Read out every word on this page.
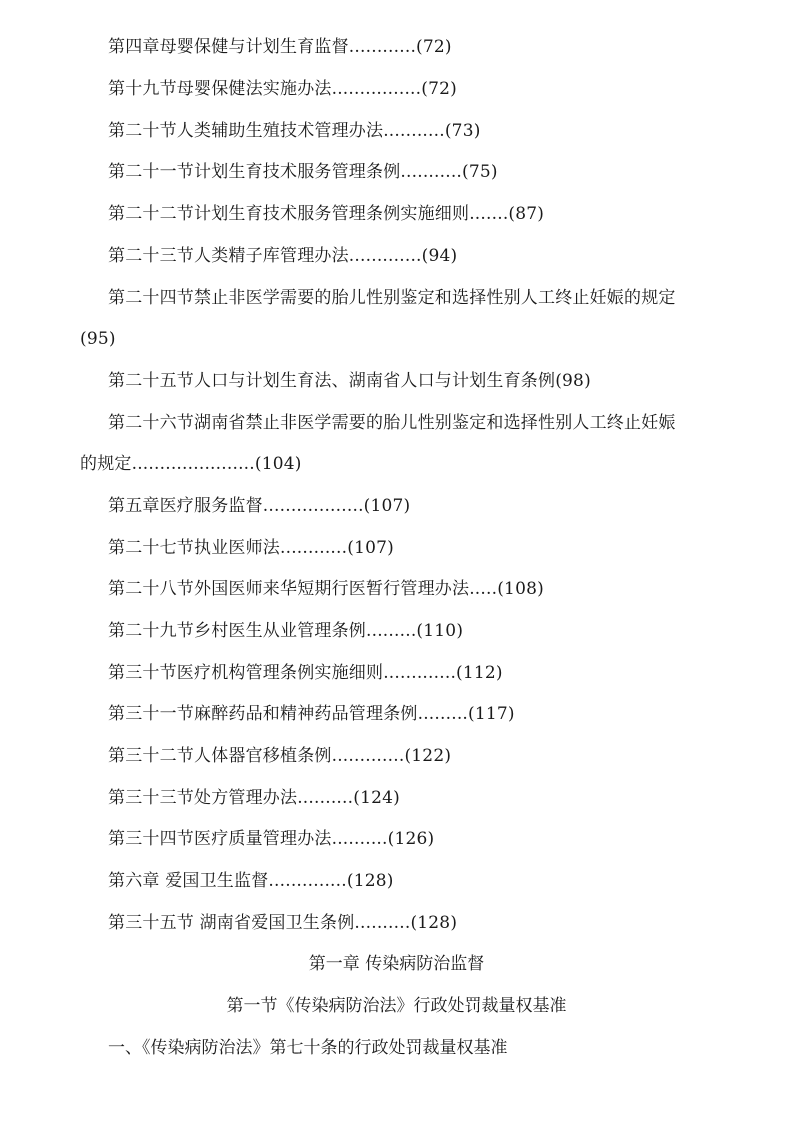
第四章母婴保健与计划生育监督............(72)
第十九节母婴保健法实施办法................(72)
第二十节人类辅助生殖技术管理办法...........(73)
第二十一节计划生育技术服务管理条例...........(75)
第二十二节计划生育技术服务管理条例实施细则.......(87)
第二十三节人类精子库管理办法.............(94)
第二十四节禁止非医学需要的胎儿性别鉴定和选择性别人工终止妊娠的规定
(95)
第二十五节人口与计划生育法、湖南省人口与计划生育条例(98)
第二十六节湖南省禁止非医学需要的胎儿性别鉴定和选择性别人工终止妊娠
的规定......................(104)
第五章医疗服务监督..................(107)
第二十七节执业医师法............(107)
第二十八节外国医师来华短期行医暂行管理办法.....(108)
第二十九节乡村医生从业管理条例.........(110)
第三十节医疗机构管理条例实施细则.............(112)
第三十一节麻醉药品和精神药品管理条例.........(117)
第三十二节人体器官移植条例.............(122)
第三十三节处方管理办法..........(124)
第三十四节医疗质量管理办法..........(126)
第六章 爱国卫生监督..............(128)
第三十五节 湖南省爱国卫生条例..........(128)
第一章 传染病防治监督
第一节《传染病防治法》行政处罚裁量权基准
一、《传染病防治法》第七十条的行政处罚裁量权基准
